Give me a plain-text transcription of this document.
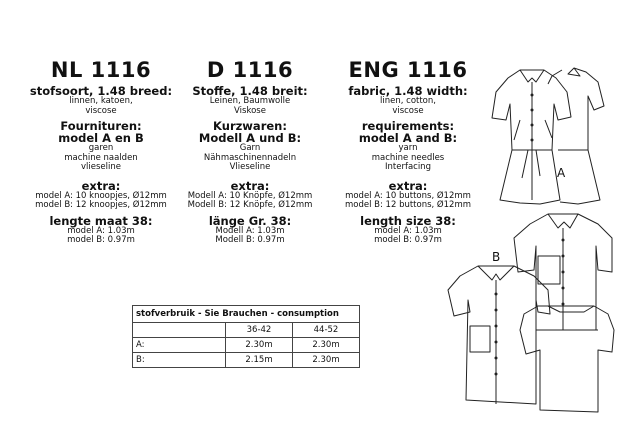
NL 1116
stofsoort, 1.48 breed:
linnen, katoen,
viscose
Fournituren:
model A en B
garen
machine naalden
vlieseline
extra:
model A: 10 knoopjes, Ø12mm
model B: 12 knoopjes, Ø12mm
lengte maat 38:
model A: 1.03m
model B: 0.97m
D 1116
Stoffe, 1.48 breit:
Leinen, Baumwolle
Viskose
Kurzwaren:
Modell A und B:
Garn
Nähmaschinennadeln
Vlieseline
extra:
Modell A: 10 Knöpfe, Ø12mm
Modell B: 12 Knöpfe, Ø12mm
länge Gr. 38:
Modell A: 1.03m
Modell B: 0.97m
ENG 1116
fabric, 1.48 width:
linen, cotton,
viscose
requirements:
model A and B:
yarn
machine needles
Interfacing
extra:
model A: 10 buttons, Ø12mm
model B: 12 buttons, Ø12mm
length size 38:
model A: 1.03m
model B: 0.97m
stofverbruik - Sie Brauchen - consumption		
	36-42	44-52
A:	2.30m	2.30m
B:	2.15m	2.30m
A
B
